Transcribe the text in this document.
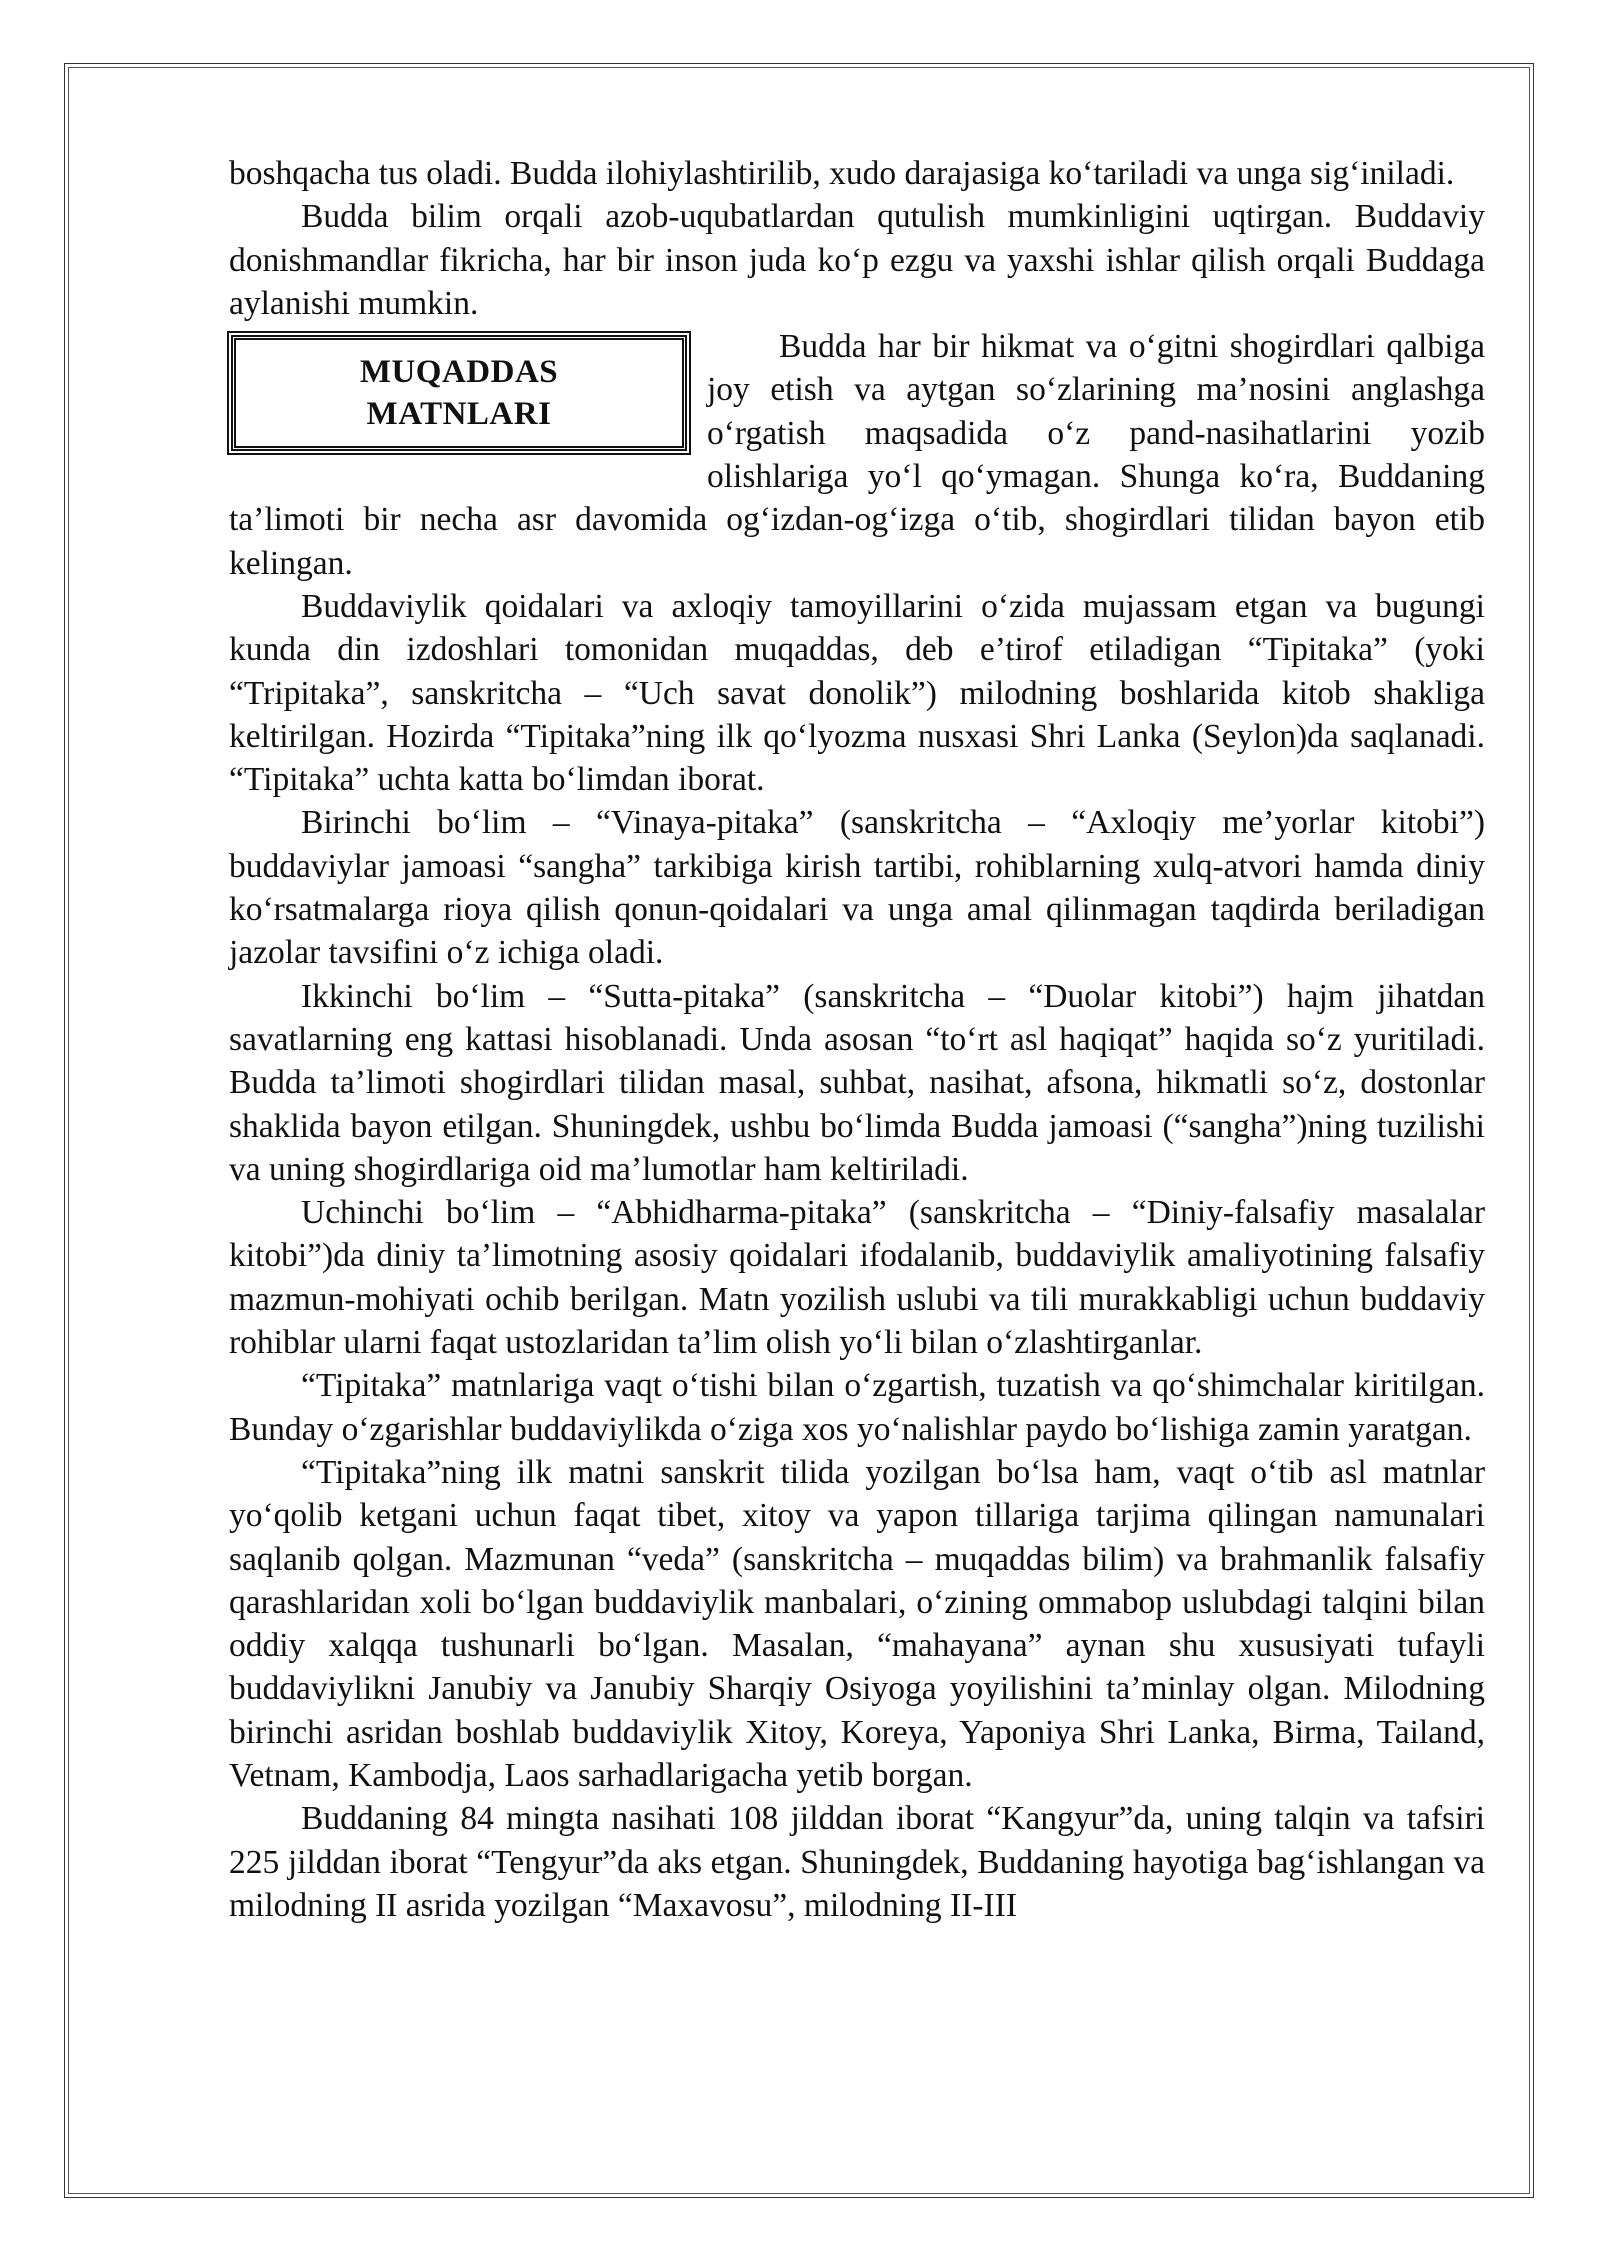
boshqacha tus oladi. Budda ilohiylashtirilib, xudo darajasiga ko‘tariladi va unga sig‘iniladi.

Budda bilim orqali azob-uqubatlardan qutulish mumkinligini uqtirgan. Buddaviy donishmandlar fikricha, har bir inson juda ko‘p ezgu va yaxshi ishlar qilish orqali Buddaga aylanishi mumkin.

MUQADDAS
MATNLARI

Budda har bir hikmat va o‘gitni shogirdlari qalbiga joy etish va aytgan so‘zlarining ma’nosini anglashga o‘rgatish maqsadida o‘z pand-nasihatlarini yozib olishlariga yo‘l qo‘ymagan. Shunga ko‘ra, Buddaning ta’limoti bir necha asr davomida og‘izdan-og‘izga o‘tib, shogirdlari tilidan bayon etib kelingan.

Buddaviylik qoidalari va axloqiy tamoyillarini o‘zida mujassam etgan va bugungi kunda din izdoshlari tomonidan muqaddas, deb e’tirof etiladigan “Tipitaka” (yoki “Tripitaka”, sanskritcha – “Uch savat donolik”) milodning boshlarida kitob shakliga keltirilgan. Hozirda “Tipitaka”ning ilk qo‘lyozma nusxasi Shri Lanka (Seylon)da saqlanadi. “Tipitaka” uchta katta bo‘limdan iborat.

Birinchi bo‘lim – “Vinaya-pitaka” (sanskritcha – “Axloqiy me’yorlar kitobi”) buddaviylar jamoasi “sangha” tarkibiga kirish tartibi, rohiblarning xulq-atvori hamda diniy ko‘rsatmalarga rioya qilish qonun-qoidalari va unga amal qilinmagan taqdirda beriladigan jazolar tavsifini o‘z ichiga oladi.

Ikkinchi bo‘lim – “Sutta-pitaka” (sanskritcha – “Duolar kitobi”) hajm jihatdan savatlarning eng kattasi hisoblanadi. Unda asosan “to‘rt asl haqiqat” haqida so‘z yuritiladi. Budda ta’limoti shogirdlari tilidan masal, suhbat, nasihat, afsona, hikmatli so‘z, dostonlar shaklida bayon etilgan. Shuningdek, ushbu bo‘limda Budda jamoasi (“sangha”)ning tuzilishi va uning shogirdlariga oid ma’lumotlar ham keltiriladi.

Uchinchi bo‘lim – “Abhidharma-pitaka” (sanskritcha – “Diniy-falsafiy masalalar kitobi”)da diniy ta’limotning asosiy qoidalari ifodalanib, buddaviylik amaliyotining falsafiy mazmun-mohiyati ochib berilgan. Matn yozilish uslubi va tili murakkabligi uchun buddaviy rohiblar ularni faqat ustozlaridan ta’lim olish yo‘li bilan o‘zlashtirganlar.

“Tipitaka” matnlariga vaqt o‘tishi bilan o‘zgartish, tuzatish va qo‘shimchalar kiritilgan. Bunday o‘zgarishlar buddaviylikda o‘ziga xos yo‘nalishlar paydo bo‘lishiga zamin yaratgan.

“Tipitaka”ning ilk matni sanskrit tilida yozilgan bo‘lsa ham, vaqt o‘tib asl matnlar yo‘qolib ketgani uchun faqat tibet, xitoy va yapon tillariga tarjima qilingan namunalari saqlanib qolgan. Mazmunan “veda” (sanskritcha – muqaddas bilim) va brahmanlik falsafiy qarashlaridan xoli bo‘lgan buddaviylik manbalari, o‘zining ommabop uslubdagi talqini bilan oddiy xalqqa tushunarli bo‘lgan. Masalan, “mahayana” aynan shu xususiyati tufayli buddaviylikni Janubiy va Janubiy Sharqiy Osiyoga yoyilishini ta’minlay olgan. Milodning birinchi asridan boshlab buddaviylik Xitoy, Koreya, Yaponiya Shri Lanka, Birma, Tailand, Vetnam, Kambodja, Laos sarhadlarigacha yetib borgan.

Buddaning 84 mingta nasihati 108 jilddan iborat “Kangyur”da, uning talqin va tafsiri 225 jilddan iborat “Tengyur”da aks etgan. Shuningdek, Buddaning hayotiga bag‘ishlangan va milodning II asrida yozilgan “Maxavosu”, milodning II-III
